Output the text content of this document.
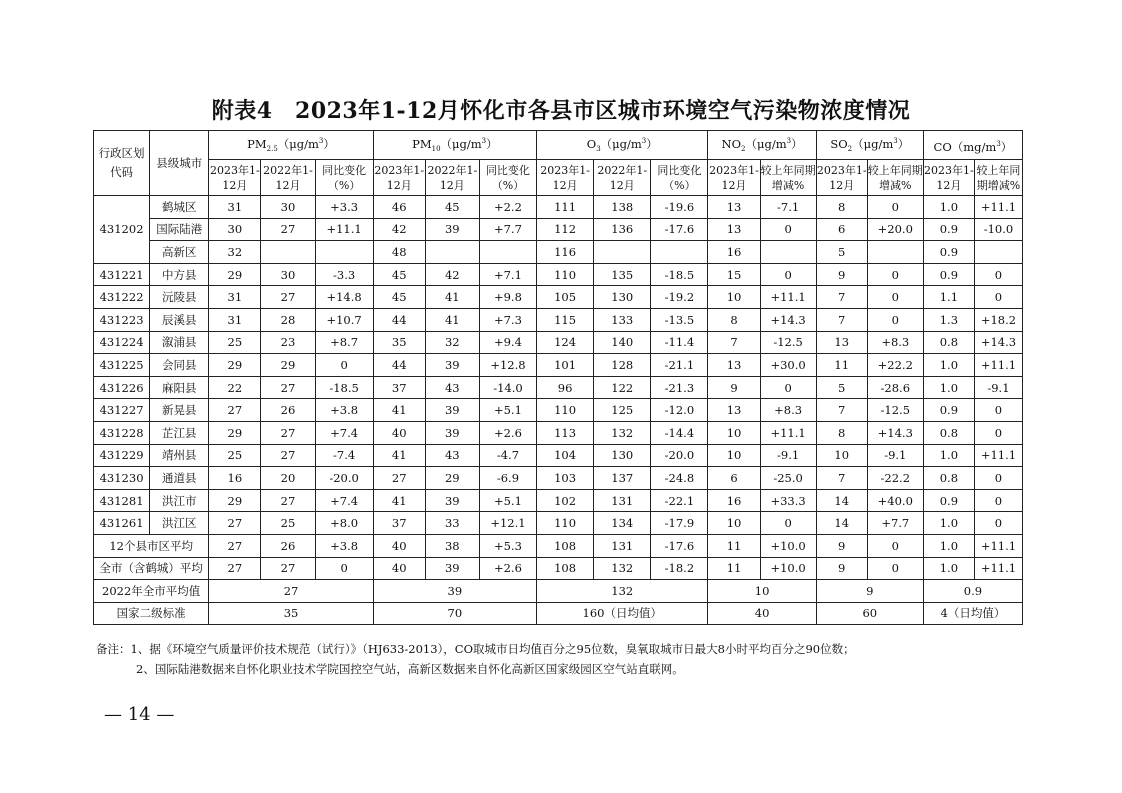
附表4　2023年1-12月怀化市各县市区城市环境空气污染物浓度情况
行政区划代码	县级城市	$PM_{2.5}(\mu g/m^3)$			$PM_{10}(\mu g/m^3)$			$O_3(\mu g/m^3)$			$NO_2(\mu g/m^3)$		$SO_2(\mu g/m^3)$		$CO(mg/m^3)$	
		2023年1-12月	2022年1-12月	同比变化（%）	2023年1-12月	2022年1-12月	同比变化（%）	2023年1-12月	2022年1-12月	同比变化（%）	2023年1-12月	较上年同期增减%	2023年1-12月	较上年同期增减%	2023年1-12月	较上年同期增减%
431202	鹤城区	31	30	+3.3	46	45	+2.2	111	138	-19.6	13	-7.1	8	0	1.0	+11.1
	国际陆港	30	27	+11.1	42	39	+7.7	112	136	-17.6	13	0	6	+20.0	0.9	-10.0
	高新区	32			48			116			16		5		0.9	
431221	中方县	29	30	-3.3	45	42	+7.1	110	135	-18.5	15	0	9	0	0.9	0
431222	沅陵县	31	27	+14.8	45	41	+9.8	105	130	-19.2	10	+11.1	7	0	1.1	0
431223	辰溪县	31	28	+10.7	44	41	+7.3	115	133	-13.5	8	+14.3	7	0	1.3	+18.2
431224	溆浦县	25	23	+8.7	35	32	+9.4	124	140	-11.4	7	-12.5	13	+8.3	0.8	+14.3
431225	会同县	29	29	0	44	39	+12.8	101	128	-21.1	13	+30.0	11	+22.2	1.0	+11.1
431226	麻阳县	22	27	-18.5	37	43	-14.0	96	122	-21.3	9	0	5	-28.6	1.0	-9.1
431227	新晃县	27	26	+3.8	41	39	+5.1	110	125	-12.0	13	+8.3	7	-12.5	0.9	0
431228	芷江县	29	27	+7.4	40	39	+2.6	113	132	-14.4	10	+11.1	8	+14.3	0.8	0
431229	靖州县	25	27	-7.4	41	43	-4.7	104	130	-20.0	10	-9.1	10	-9.1	1.0	+11.1
431230	通道县	16	20	-20.0	27	29	-6.9	103	137	-24.8	6	-25.0	7	-22.2	0.8	0
431281	洪江市	29	27	+7.4	41	39	+5.1	102	131	-22.1	16	+33.3	14	+40.0	0.9	0
431261	洪江区	27	25	+8.0	37	33	+12.1	110	134	-17.9	10	0	14	+7.7	1.0	0
12个县市区平均		27	26	+3.8	40	38	+5.3	108	131	-17.6	11	+10.0	9	0	1.0	+11.1
全市（含鹤城）平均		27	27	0	40	39	+2.6	108	132	-18.2	11	+10.0	9	0	1.0	+11.1
2022年全市平均值		27			39			132			10		9		0.9	
国家二级标准		35			70			160（日均值）			40		60		4（日均值）	
备注：1、据《环境空气质量评价技术规范（试行）》（HJ633-2013），CO取城市日均值百分之95位数，臭氧取城市日最大8小时平均百分之90位数；
2、国际陆港数据来自怀化职业技术学院国控空气站，高新区数据来自怀化高新区国家级园区空气站直联网。
— 14 —
